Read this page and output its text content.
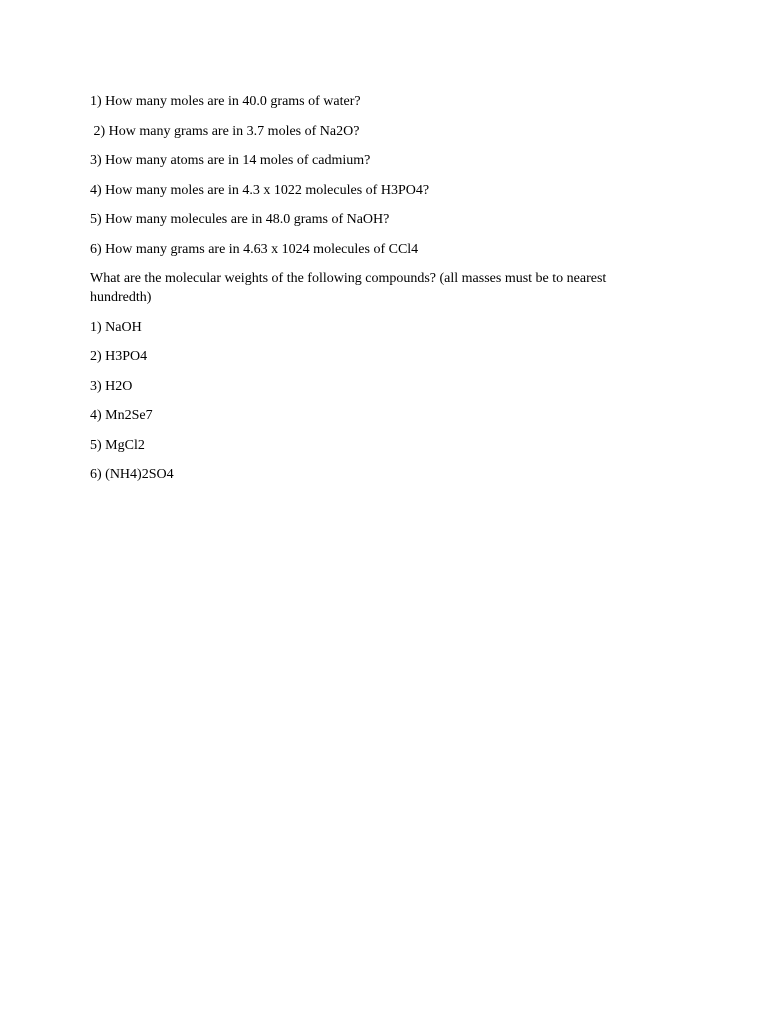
1) How many moles are in 40.0 grams of water?

2) How many grams are in 3.7 moles of Na2O?

3) How many atoms are in 14 moles of cadmium?

4) How many moles are in 4.3 x 1022 molecules of H3PO4?

5) How many molecules are in 48.0 grams of NaOH?

6) How many grams are in 4.63 x 1024 molecules of CCl4

What are the molecular weights of the following compounds? (all masses must be to nearest hundredth)

1) NaOH

2) H3PO4

3) H2O

4) Mn2Se7

5) MgCl2

6) (NH4)2SO4
